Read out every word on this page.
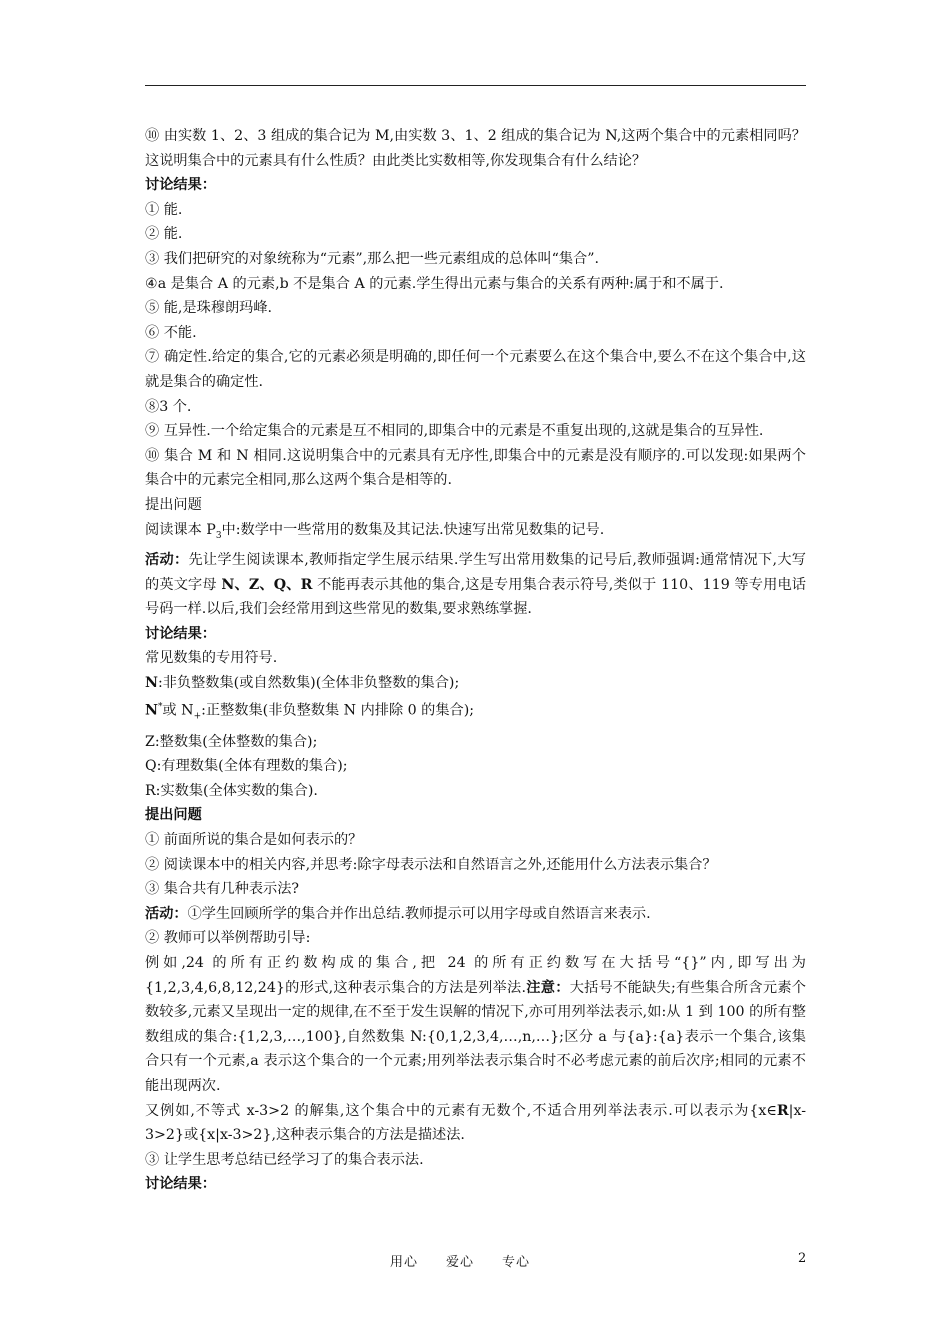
⑩ 由实数 1、2、3 组成的集合记为 M,由实数 3、1、2 组成的集合记为 N,这两个集合中的元素相同吗？这说明集合中的元素具有什么性质？由此类比实数相等,你发现集合有什么结论？

讨论结果：

① 能.

② 能.

③ 我们把研究的对象统称为“元素”,那么把一些元素组成的总体叫“集合”.

④a 是集合 A 的元素,b 不是集合 A 的元素.学生得出元素与集合的关系有两种:属于和不属于.

⑤ 能,是珠穆朗玛峰.

⑥ 不能.

⑦ 确定性.给定的集合,它的元素必须是明确的,即任何一个元素要么在这个集合中,要么不在这个集合中,这就是集合的确定性.

⑧3 个.

⑨ 互异性.一个给定集合的元素是互不相同的,即集合中的元素是不重复出现的,这就是集合的互异性.

⑩ 集合 M 和 N 相同.这说明集合中的元素具有无序性,即集合中的元素是没有顺序的.可以发现:如果两个集合中的元素完全相同,那么这两个集合是相等的.

提出问题

阅读课本 $P_3$中:数学中一些常用的数集及其记法.快速写出常见数集的记号.

活动：先让学生阅读课本,教师指定学生展示结果.学生写出常用数集的记号后,教师强调:通常情况下,大写的英文字母 N、Z、Q、R 不能再表示其他的集合,这是专用集合表示符号,类似于 110、119 等专用电话号码一样.以后,我们会经常用到这些常见的数集,要求熟练掌握.

讨论结果：

常见数集的专用符号.

N:非负整数集(或自然数集)(全体非负整数的集合);

N*或 $N_+$:正整数集(非负整数集 N 内排除 0 的集合);

Z:整数集(全体整数的集合);

Q:有理数集(全体有理数的集合);

R:实数集(全体实数的集合).

提出问题

① 前面所说的集合是如何表示的？

② 阅读课本中的相关内容,并思考:除字母表示法和自然语言之外,还能用什么方法表示集合？

③ 集合共有几种表示法?

活动：①学生回顾所学的集合并作出总结.教师提示可以用字母或自然语言来表示.

② 教师可以举例帮助引导:

例如,24 的所有正约数构成的集合,把 24 的所有正约数写在大括号“{}”内,即写出为{1,2,3,4,6,8,12,24}的形式,这种表示集合的方法是列举法.注意：大括号不能缺失;有些集合所含元素个数较多,元素又呈现出一定的规律,在不至于发生误解的情况下,亦可用列举法表示,如:从 1 到 100 的所有整数组成的集合:{1,2,3,…,100},自然数集 N:{0,1,2,3,4,…,n,…};区分 a 与{a}:{a}表示一个集合,该集合只有一个元素,a 表示这个集合的一个元素;用列举法表示集合时不必考虑元素的前后次序;相同的元素不能出现两次.

又例如,不等式 x-3>2 的解集,这个集合中的元素有无数个,不适合用列举法表示.可以表示为{x∈R|x-3>2}或{x|x-3>2},这种表示集合的方法是描述法.

③ 让学生思考总结已经学习了的集合表示法.

讨论结果：

用心　　爱心　　专心	2
